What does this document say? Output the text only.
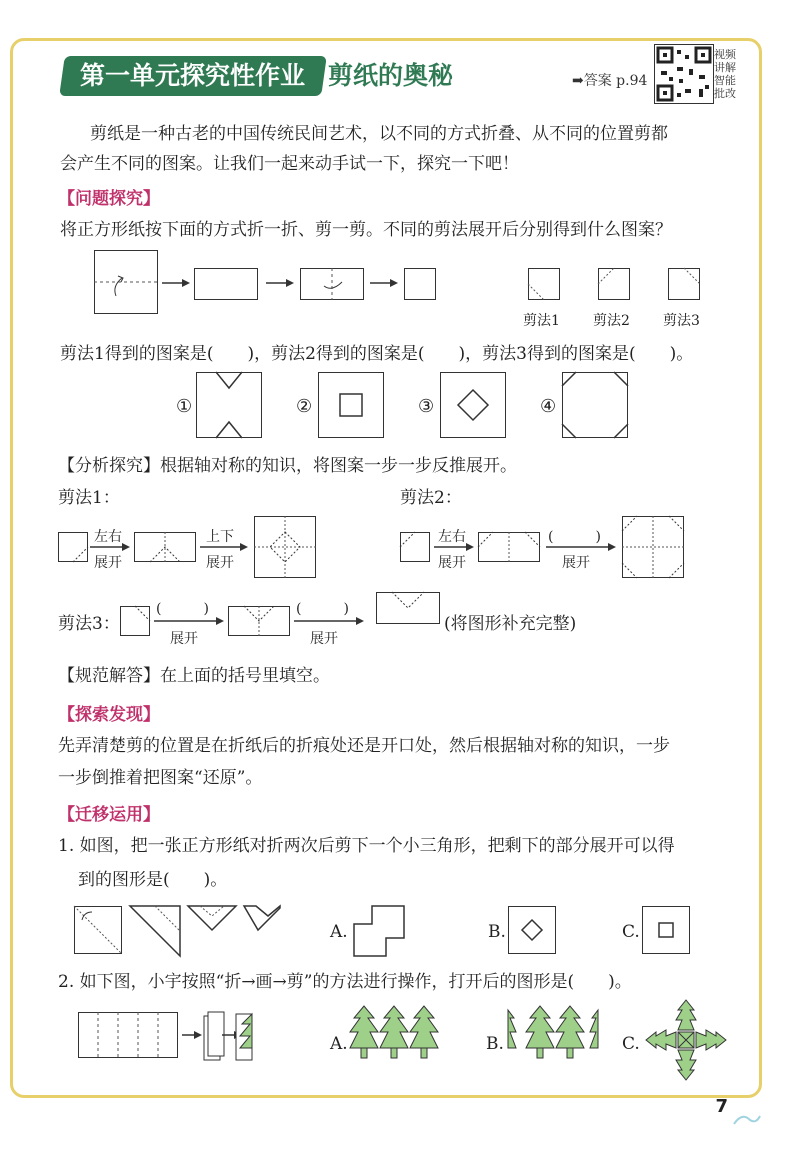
第一单元探究性作业 剪纸的奥秘	➡答案 p.94
视频讲解 智能批改
剪纸是一种古老的中国传统民间艺术，以不同的方式折叠、从不同的位置剪都
会产生不同的图案。让我们一起来动手试一下，探究一下吧！
【问题探究】
将正方形纸按下面的方式折一折、剪一剪。不同的剪法展开后分别得到什么图案？
剪法1 剪法2 剪法3
剪法1得到的图案是(　　)，剪法2得到的图案是(　　)，剪法3得到的图案是(　　)。
①	②	③	④
【分析探究】根据轴对称的知识，将图案一步一步反推展开。
剪法1：	剪法2：
左右
展开
上下
展开
左右
展开
(　　　)
展开
剪法3：
(　　　)
展开
(　　　)
展开
(将图形补充完整)
【规范解答】在上面的括号里填空。
【探索发现】
先弄清楚剪的位置是在折纸后的折痕处还是开口处，然后根据轴对称的知识，一步
一步倒推着把图案“还原”。
【迁移运用】
1. 如图，把一张正方形纸对折两次后剪下一个小三角形，把剩下的部分展开可以得
到的图形是(　　)。
A.	B.	C.
2. 如下图，小宇按照“折→画→剪”的方法进行操作，打开后的图形是(　　)。
A.	B.	C.
7
